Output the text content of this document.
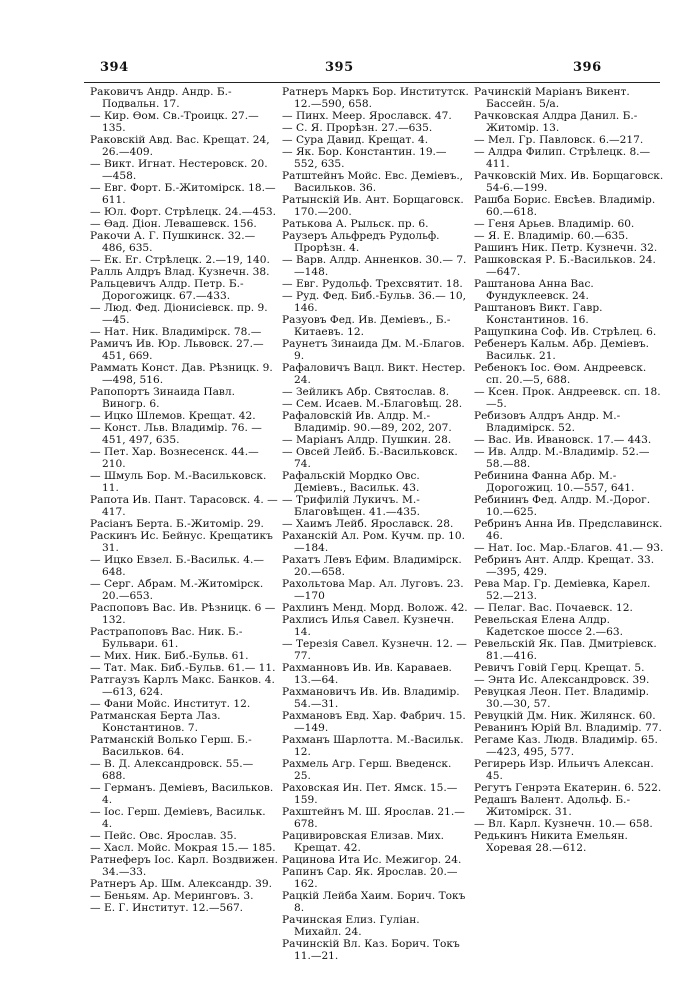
394	395	396

Раковичъ Андр. Андр. Б.-Подвальн. 17.

— Кир. Өом. Св.-Троицк. 27.—135.

Раковскій Авд. Вас. Крещат. 24, 26.—409.

— Викт. Игнат. Нестеровск. 20. —458.

— Евг. Форт. Б.-Житомірск. 18.—611.

— Юл. Форт. Стрѣлецк. 24.—453.

— Өад. Діон. Левашевск. 156.

Ракочи А. Г. Пушкинск. 32.—486, 635.

— Ек. Ег. Стрѣлецк. 2.—19, 140.

Ралль Алдръ Влад. Кузнечн. 38.

Ральцевичъ Алдр. Петр. Б.-Дорогожицк. 67.—433.

— Люд. Фед. Діонисіевск. пр. 9.—45.

— Нат. Ник. Владимірск. 78.—

Рамичъ Ив. Юр. Львовск. 27.—451, 669.

Раммать Конст. Дав. Рѣзницк. 9. —498, 516.

Рапопортъ Зинаида Павл. Виногр. 6.

— Ицко Шлемов. Крещат. 42.

— Конст. Льв. Владимір. 76. —451, 497, 635.

— Пет. Хар. Вознесенск. 44.—210.

— Шмуль Бор. М.-Васильковск. 11.

Рапота Ив. Пант. Тарасовск. 4. —417.

Расіанъ Берта. Б.-Житомір. 29.

Раскинъ Ис. Бейнус. Крещатикъ 31.

— Ицко Евзел. Б.-Васильк. 4.— 648.

— Серг. Абрам. М.-Житомірск. 20.—653.

Распоповъ Вас. Ив. Рѣзницк. 6 —132.

Растрапоповъ Вас. Ник. Б.-Бульвари. 61.

— Мих. Ник. Биб.-Бульв. 61.

— Тат. Мак. Биб.-Бульв. 61.— 11.

Ратгаузъ Карлъ Макс. Банков. 4. —613, 624.

— Фани Мойс. Институт. 12.

Ратманская Берта Лаз. Константинов. 7.

Ратманскій Волько Герш. Б.-Васильков. 64.

— В. Д. Александровск. 55.— 688.

— Германъ. Деміевъ, Васильков. 4.

— Іос. Герш. Деміевъ, Васильк. 4.

— Пейс. Овс. Ярослав. 35.

— Хасл. Мойс. Мокрая 15.— 185.

Ратнеферъ Іос. Карл. Воздвижен. 34.—33.

Ратнеръ Ар. Шм. Александр. 39.

— Беньям. Ар. Меринговъ. 3.

— Е. Г. Институт. 12.—567.

Ратнеръ Маркъ Бор. Институтск. 12.—590, 658.

— Пинх. Меер. Ярославск. 47.

— С. Я. Прорѣзн. 27.—635.

— Сура Давид. Крещат. 4.

— Як. Бор. Константин. 19.— 552, 635.

Ратштейнъ Мойс. Евс. Деміевъ., Васильков. 36.

Ратынскій Ив. Ант. Борщаговск. 170.—200.

Ратькова А. Рыльск. пр. 6.

Раузеръ Альфредъ Рудольф. Прорѣзн. 4.

— Варв. Алдр. Анненков. 30.— 7.—148.

— Евг. Рудольф. Трехсвятит. 18.

— Руд. Фед. Биб.-Бульв. 36.— 10, 146.

Разуовъ Фед. Ив. Деміевъ., Б.-Китаевъ. 12.

Раунетъ Зинаида Дм. М.-Благов. 9.

Рафаловичъ Вацл. Викт. Нестер. 24.

— Зейликъ Абр. Святослав. 8.

— Сем. Исаев. М.-Благовѣщ. 28.

Рафаловскій Ив. Алдр. М.-Владимір. 90.—89, 202, 207.

— Маріанъ Алдр. Пушкин. 28.

— Овсей Лейб. Б.-Васильковск. 74.

Рафальскій Мордко Овс. Деміевъ., Васильк. 43.

— Трифилій Лукичъ. М.-Благовѣщен. 41.—435.

— Хаимъ Лейб. Ярославск. 28.

Раханскій Ал. Ром. Кучм. пр. 10. —184.

Рахатъ Левъ Ефим. Владимірск. 20.—658.

Рахольтова Мар. Ал. Луговъ. 23. —170

Рахлинъ Менд. Морд. Волож. 42.

Рахлисъ Илья Савел. Кузнечн. 14.

— Терезія Савел. Кузнечн. 12. —77.

Рахманновъ Ив. Ив. Караваев. 13.—64.

Рахмановичъ Ив. Ив. Владимір. 54.—31.

Рахмановъ Евд. Хар. Фабрич. 15. —149.

Рахманъ Шарлотта. М.-Васильк. 12.

Рахмель Агр. Герш. Введенск. 25.

Раховская Ин. Пет. Ямск. 15.— 159.

Рахштейнъ М. Ш. Ярослав. 21.— 678.

Рацивировская Елизав. Мих. Крещат. 42.

Рацинова Ита Ис. Межигор. 24.

Рапинъ Сар. Як. Ярослав. 20.— 162.

Рацкій Лейба Хаим. Борич. Токъ 8.

Рачинская Елиз. Гуліан. Михайл. 24.

Рачинскій Вл. Каз. Борич. Токъ 11.—21.

Рачинскій Маріанъ Викент. Бассейн. 5/а.

Рачковская Алдра Данил. Б.-Житомір. 13.

— Мел. Гр. Павловск. 6.—217.

— Алдра Филип. Стрѣлецк. 8.— 411.

Рачковскій Мих. Ив. Борщаговск. 54-6.—199.

Рашба Борис. Евсѣев. Владимір. 60.—618.

— Геня Арьев. Владимір. 60.

— Я. Е. Владимір. 60.—635.

Рашинъ Ник. Петр. Кузнечн. 32.

Рашковская Р. Б.-Васильков. 24. —647.

Раштанова Анна Вас. Фундуклеевск. 24.

Раштановъ Викт. Гавр. Константинов. 16.

Ращупкина Соф. Ив. Стрѣлец. 6.

Ребенеръ Кальм. Абр. Деміевъ. Васильк. 21.

Ребенокъ Іос. Өом. Андреевск. сп. 20.—5, 688.

— Ксен. Прок. Андреевск. сп. 18.—5.

Ребизовъ Алдръ Андр. М.-Владимірск. 52.

— Вас. Ив. Ивановск. 17.— 443.

— Ив. Алдр. М.-Владимір. 52.— 58.—88.

Ребинина Фанна Абр. М.-Дорогожиц. 10.—557, 641.

Ребининъ Фед. Алдр. М.-Дорог. 10.—625.

Ребринъ Анна Ив. Предславинск. 46.

— Нат. Іос. Мар.-Благов. 41.— 93.

Ребринъ Ант. Алдр. Крещат. 33. —395, 429.

Рева Мар. Гр. Деміевка, Карел. 52.—213.

— Пелаг. Вас. Почаевск. 12.

Ревельская Елена Алдр. Кадетское шоссе 2.—63.

Ревельскій Як. Пав. Дмитріевск. 81.—416.

Ревичъ Говій Герц. Крещат. 5.

— Энта Ис. Александровск. 39.

Ревуцкая Леон. Пет. Владимір. 30.—30, 57.

Ревуцкій Дм. Ник. Жилянск. 60.

Реванинъ Юрій Вл. Владимір. 77.

Регаме Каз. Людв. Владимір. 65.—423, 495, 577.

Регирерь Изр. Ильичъ Алексан. 45.

Регутъ Генрэта Екатерин. 6. 522.

Редашъ Валент. Адольф. Б.-Житомірск. 31.

— Вл. Карл. Кузнечн. 10.— 658.

Редькинъ Никита Емельян. Хоревая 28.—612.
